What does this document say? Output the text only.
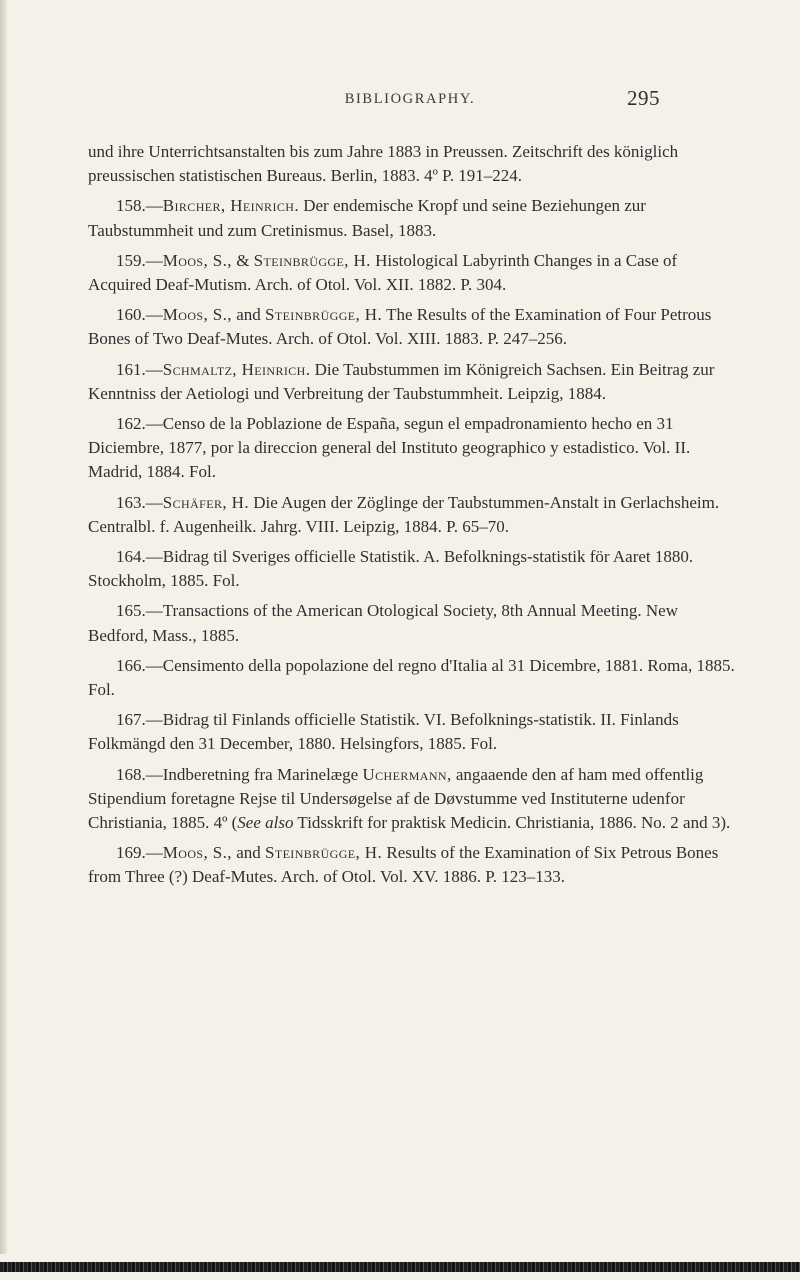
BIBLIOGRAPHY.	295

und ihre Unterrichtsanstalten bis zum Jahre 1883 in Preussen. Zeitschrift des königlich preussischen statistischen Bureaus. Berlin, 1883. 4º P. 191–224.

158.—Bircher, Heinrich. Der endemische Kropf und seine Beziehungen zur Taubstummheit und zum Cretinismus. Basel, 1883.

159.—Moos, S., & Steinbrügge, H. Histological Labyrinth Changes in a Case of Acquired Deaf-Mutism. Arch. of Otol. Vol. XII. 1882. P. 304.

160.—Moos, S., and Steinbrügge, H. The Results of the Examination of Four Petrous Bones of Two Deaf-Mutes. Arch. of Otol. Vol. XIII. 1883. P. 247–256.

161.—Schmaltz, Heinrich. Die Taubstummen im Königreich Sachsen. Ein Beitrag zur Kenntniss der Aetiologi und Verbreitung der Taubstummheit. Leipzig, 1884.

162.—Censo de la Poblazione de España, segun el empadronamiento hecho en 31 Diciembre, 1877, por la direccion general del Instituto geographico y estadistico. Vol. II. Madrid, 1884. Fol.

163.—Schäfer, H. Die Augen der Zöglinge der Taubstummen-Anstalt in Gerlachsheim. Centralbl. f. Augenheilk. Jahrg. VIII. Leipzig, 1884. P. 65–70.

164.—Bidrag til Sveriges officielle Statistik. A. Befolknings-statistik för Aaret 1880. Stockholm, 1885. Fol.

165.—Transactions of the American Otological Society, 8th Annual Meeting. New Bedford, Mass., 1885.

166.—Censimento della popolazione del regno d'Italia al 31 Dicembre, 1881. Roma, 1885. Fol.

167.—Bidrag til Finlands officielle Statistik. VI. Befolknings-statistik. II. Finlands Folkmängd den 31 December, 1880. Helsingfors, 1885. Fol.

168.—Indberetning fra Marinelæge Uchermann, angaaende den af ham med offentlig Stipendium foretagne Rejse til Undersøgelse af de Døvstumme ved Instituterne udenfor Christiania, 1885. 4º (See also Tidsskrift for praktisk Medicin. Christiania, 1886. No. 2 and 3).

169.—Moos, S., and Steinbrügge, H. Results of the Examination of Six Petrous Bones from Three (?) Deaf-Mutes. Arch. of Otol. Vol. XV. 1886. P. 123–133.
